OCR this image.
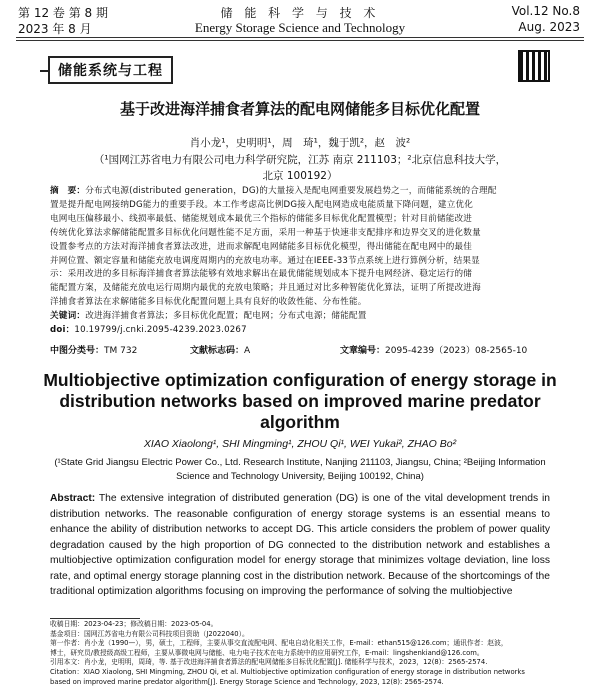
第 12 卷 第 8 期
2023 年 8 月
储 能 科 学 与 技 术
Energy Storage Science and Technology
Vol.12 No.8
Aug. 2023
储能系统与工程
基于改进海洋捕食者算法的配电网储能多目标优化配置
肖小龙¹，史明明¹，周　琦¹，魏于凯²，赵　波²
（¹国网江苏省电力有限公司电力科学研究院，江苏 南京 211103；²北京信息科技大学，
北京 100192）
摘　要：分布式电源(distributed generation，DG)的大量接入是配电网重要发展趋势之一，而储能系统的合理配
置是提升配电网接纳DG能力的重要手段。本工作考虑高比例DG接入配电网造成电能质量下降问题，建立优化
电网电压偏移最小、线损率最低、储能规划成本最优三个指标的储能多目标优化配置模型；针对目前储能改进
传统优化算法求解储能配置多目标优化问题性能不足方面，采用一种基于快速非支配排序和边界交叉的进化数量
设置参考点的方法对海洋捕食者算法改进，进而求解配电网储能多目标优化模型，得出储能在配电网中的最佳
并网位置、额定容量和储能充放电调度周期内的充放电功率。通过在IEEE-33节点系统上进行算例分析，结果显
示：采用改进的多目标海洋捕食者算法能够有效地求解出在最优储能规划成本下提升电网经济、稳定运行的储
能配置方案，及储能充放电运行周期内最优的充放电策略；并且通过对比多种智能优化算法，证明了所提改进海
洋捕食者算法在求解储能多目标优化配置问题上具有良好的收敛性能、分布性能。
关键词：改进海洋捕食者算法；多目标优化配置；配电网；分布式电源；储能配置
doi：10.19799/j.cnki.2095-4239.2023.0267
中图分类号：TM 732	文献标志码：A	文章编号：2095-4239（2023）08-2565-10
Multiobjective optimization configuration of energy storage in distribution networks based on improved marine predator algorithm
XIAO Xiaolong¹, SHI Mingming¹, ZHOU Qi¹, WEI Yukai², ZHAO Bo²
(¹State Grid Jiangsu Electric Power Co., Ltd. Research Institute, Nanjing 211103, Jiangsu, China; ²Beijing Information Science and Technology University, Beijing 100192, China)
Abstract: The extensive integration of distributed generation (DG) is one of the vital development trends in distribution networks. The reasonable configuration of energy storage systems is an essential means to enhance the ability of distribution networks to accept DG. This article considers the problem of power quality degradation caused by the high proportion of DG connected to the distribution network and establishes a multiobjective optimization configuration model for energy storage that minimizes voltage deviation, line loss rate, and optimal energy storage planning cost in the distribution network. Because of the shortcomings of the traditional optimization algorithms focusing on improving the performance of solving the multiobjective
收稿日期：2023-04-23；修改稿日期：2023-05-04。
基金项目：国网江苏省电力有限公司科技项目资助（J2022040）。
第一作者：肖小龙（1990—），男，硕士，工程师，主要从事交直流配电网、配电自动化相关工作，E-mail：ethan515@126.com；通讯作者：赵波，
博士，研究员/教授级高级工程师，主要从事微电网与储能、电力电子技术在电力系统中的应用研究工作，E-mail：lingshenkiand@126.com。
引用本文：肖小龙，史明明，周琦，等. 基于改进海洋捕食者算法的配电网储能多目标优化配置[J]. 储能科学与技术，2023，12(8)：2565-2574.
Citation：XIAO Xiaolong, SHI Mingming, ZHOU Qi, et al. Multiobjective optimization configuration of energy storage in distribution networks
based on improved marine predator algorithm[J]. Energy Storage Science and Technology, 2023, 12(8): 2565-2574.
